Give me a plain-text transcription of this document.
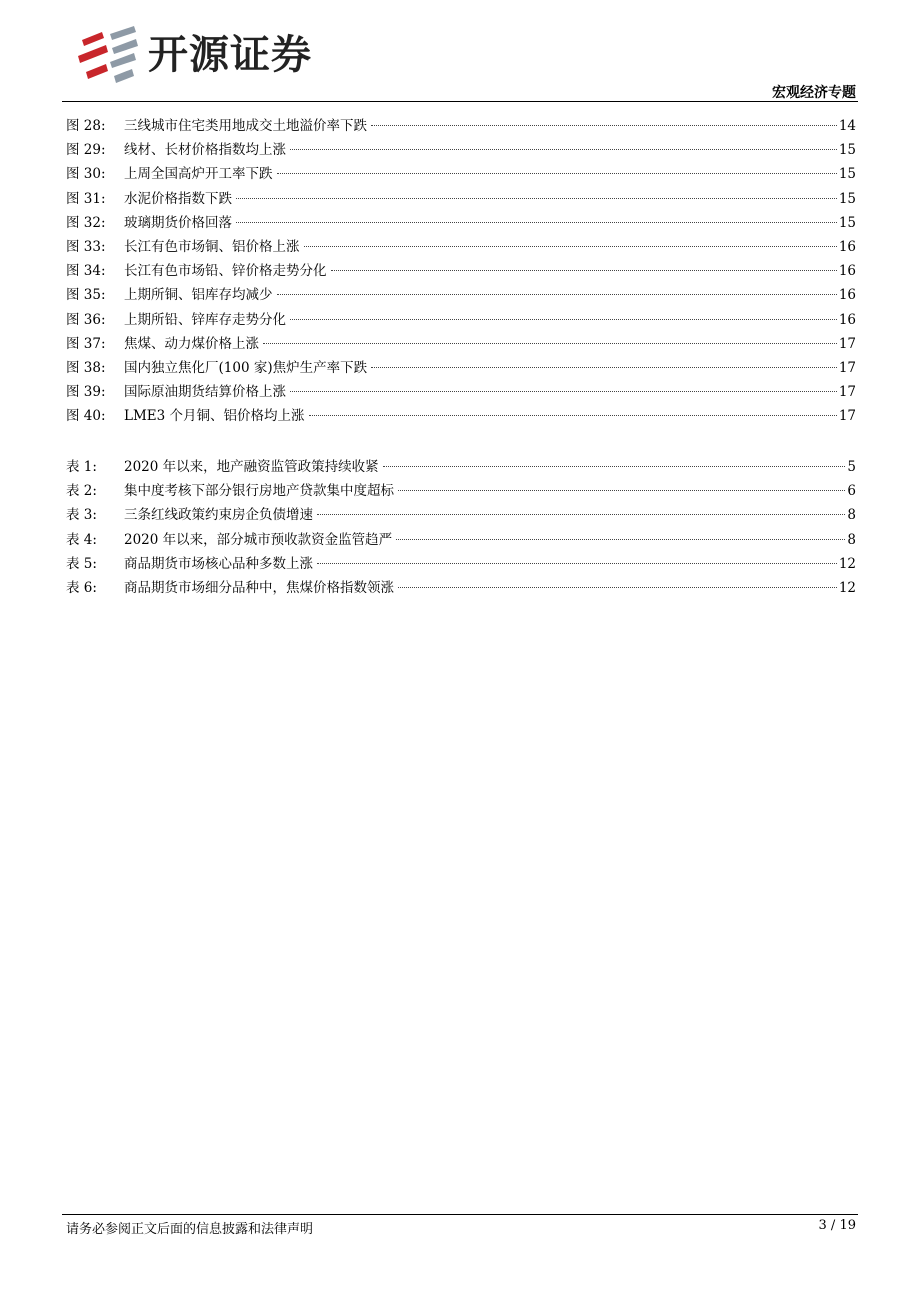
开源证券
宏观经济专题
图 28:	三线城市住宅类用地成交土地溢价率下跌	14
图 29:	线材、长材价格指数均上涨	15
图 30:	上周全国高炉开工率下跌	15
图 31:	水泥价格指数下跌	15
图 32:	玻璃期货价格回落	15
图 33:	长江有色市场铜、铝价格上涨	16
图 34:	长江有色市场铅、锌价格走势分化	16
图 35:	上期所铜、铝库存均减少	16
图 36:	上期所铅、锌库存走势分化	16
图 37:	焦煤、动力煤价格上涨	17
图 38:	国内独立焦化厂(100 家)焦炉生产率下跌	17
图 39:	国际原油期货结算价格上涨	17
图 40:	LME3 个月铜、铝价格均上涨	17
表 1:	2020 年以来，地产融资监管政策持续收紧	5
表 2:	集中度考核下部分银行房地产贷款集中度超标	6
表 3:	三条红线政策约束房企负债增速	8
表 4:	2020 年以来，部分城市预收款资金监管趋严	8
表 5:	商品期货市场核心品种多数上涨	12
表 6:	商品期货市场细分品种中，焦煤价格指数领涨	12
请务必参阅正文后面的信息披露和法律声明	3 / 19
